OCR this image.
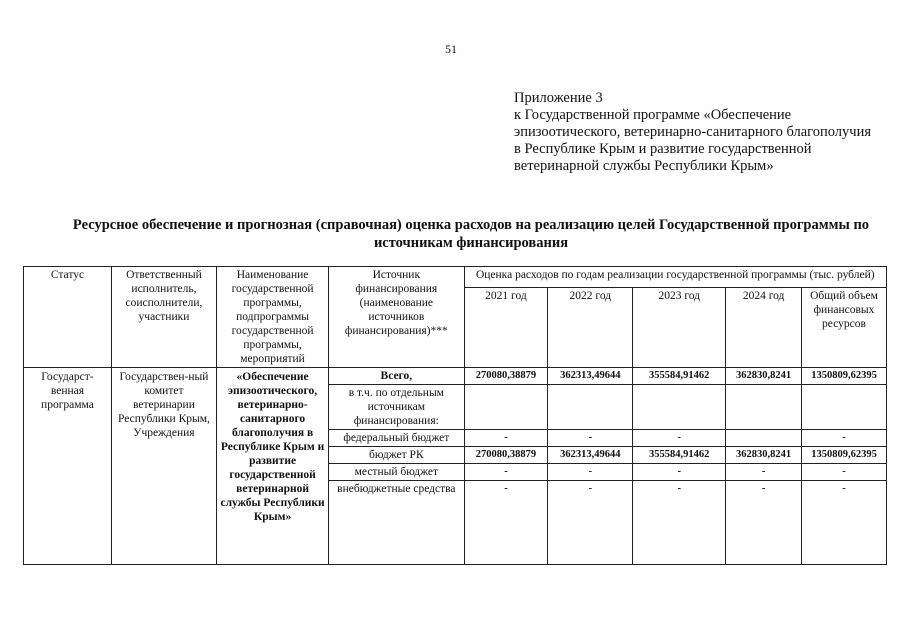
51
Приложение 3
к Государственной программе «Обеспечение эпизоотического, ветеринарно-санитарного благополучия в Республике Крым и развитие государственной ветеринарной службы Республики Крым»
Ресурсное обеспечение и прогнозная (справочная) оценка расходов на реализацию целей Государственной программы по источникам финансирования
Статус	Ответственный исполнитель, соисполнители, участники	Наименование государственной программы, подпрограммы государственной программы, мероприятий	Источник финансирования (наименование источников финансирования)***	Оценка расходов по годам реализации государственной программы (тыс. рублей)				
				2021 год	2022 год	2023 год	2024 год	Общий объем финансовых ресурсов
Государст-венная программа	Государствен-ный комитет ветеринарии Республики Крым, Учреждения	«Обеспечение эпизоотического, ветеринарно-санитарного благополучия в Республике Крым и развитие государственной ветеринарной службы Республики Крым»	Всего,	270080,38879	362313,49644	355584,91462	362830,8241	1350809,62395
			в т.ч. по отдельным источникам финансирования:					
			федеральный бюджет	-	-	-		-
			бюджет РК	270080,38879	362313,49644	355584,91462	362830,8241	1350809,62395
			местный бюджет	-	-	-	-	-
			внебюджетные средства	-	-	-	-	-
